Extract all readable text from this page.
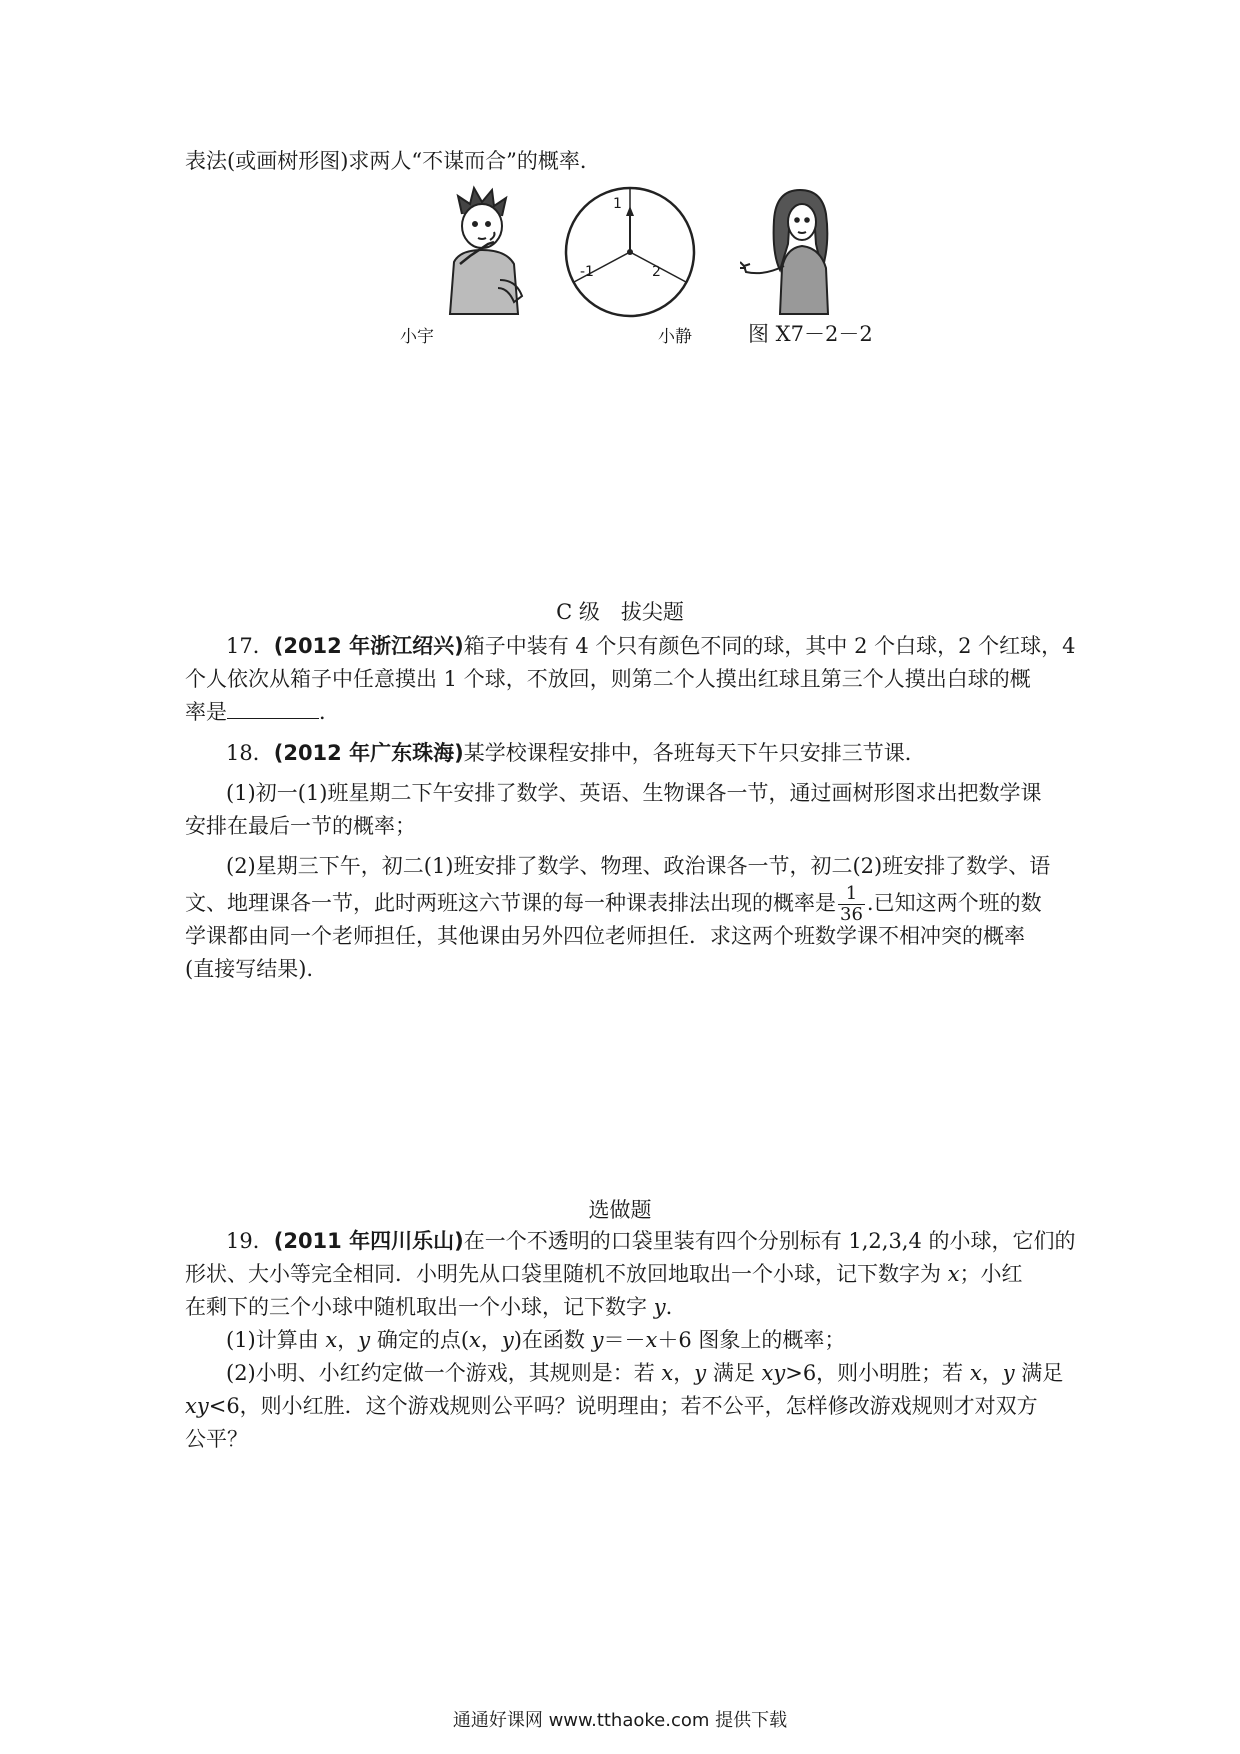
表法(或画树形图)求两人“不谋而合”的概率．
1
-1	2
小宇	小静	图 X7－2－2
C 级　拔尖题
17．(2012 年浙江绍兴)箱子中装有 4 个只有颜色不同的球，其中 2 个白球，2 个红球，4
个人依次从箱子中任意摸出 1 个球，不放回，则第二个人摸出红球且第三个人摸出白球的概
率是	．
18．(2012 年广东珠海)某学校课程安排中，各班每天下午只安排三节课．
(1)初一(1)班星期二下午安排了数学、英语、生物课各一节，通过画树形图求出把数学课
安排在最后一节的概率；
(2)星期三下午，初二(1)班安排了数学、物理、政治课各一节，初二(2)班安排了数学、语
文、地理课各一节，此时两班这六节课的每一种课表排法出现的概率是 $\frac{1}{36}$ .已知这两个班的数
学课都由同一个老师担任，其他课由另外四位老师担任．求这两个班数学课不相冲突的概率
(直接写结果).
选做题
19．(2011 年四川乐山)在一个不透明的口袋里装有四个分别标有 1,2,3,4 的小球，它们的
形状、大小等完全相同．小明先从口袋里随机不放回地取出一个小球，记下数字为 x；小红
在剩下的三个小球中随机取出一个小球，记下数字 y.
(1)计算由 x，y 确定的点(x，y)在函数 y＝－x＋6 图象上的概率；
(2)小明、小红约定做一个游戏，其规则是：若 x，y 满足 xy>6，则小明胜；若 x，y 满足
xy<6，则小红胜．这个游戏规则公平吗？说明理由；若不公平，怎样修改游戏规则才对双方
公平？
通通好课网 www.tthaoke.com 提供下载
